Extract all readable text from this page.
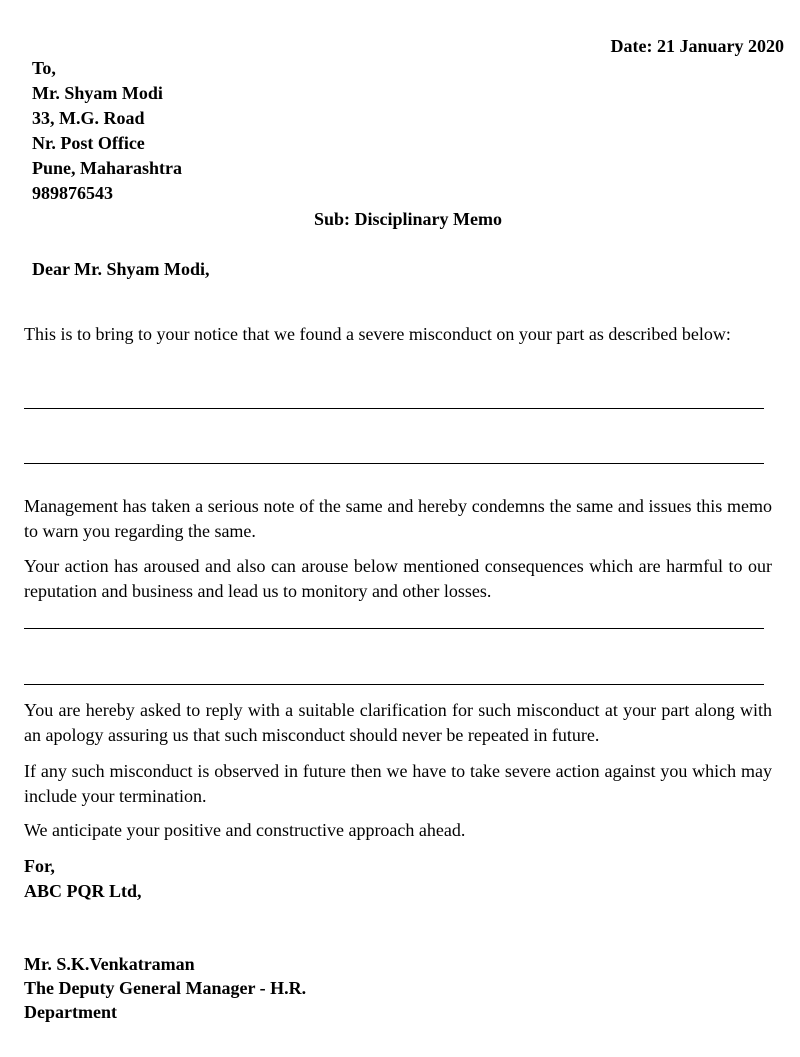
Date: 21 January 2020
To,
Mr. Shyam Modi
33, M.G. Road
Nr. Post Office
Pune, Maharashtra
989876543
Sub: Disciplinary Memo
Dear Mr. Shyam Modi,
This is to bring to your notice that we found a severe misconduct on your part as described below:
Management has taken a serious note of the same and hereby condemns the same and issues this memo to warn you regarding the same.
Your action has aroused and also can arouse below mentioned consequences which are harmful to our reputation and business and lead us to monitory and other losses.
You are hereby asked to reply with a suitable clarification for such misconduct at your part along with an apology assuring us that such misconduct should never be repeated in future.
If any such misconduct is observed in future then we have to take severe action against you which may include your termination.
We anticipate your positive and constructive approach ahead.
For,
ABC PQR Ltd,
Mr. S.K.Venkatraman
The Deputy General Manager - H.R.
Department
